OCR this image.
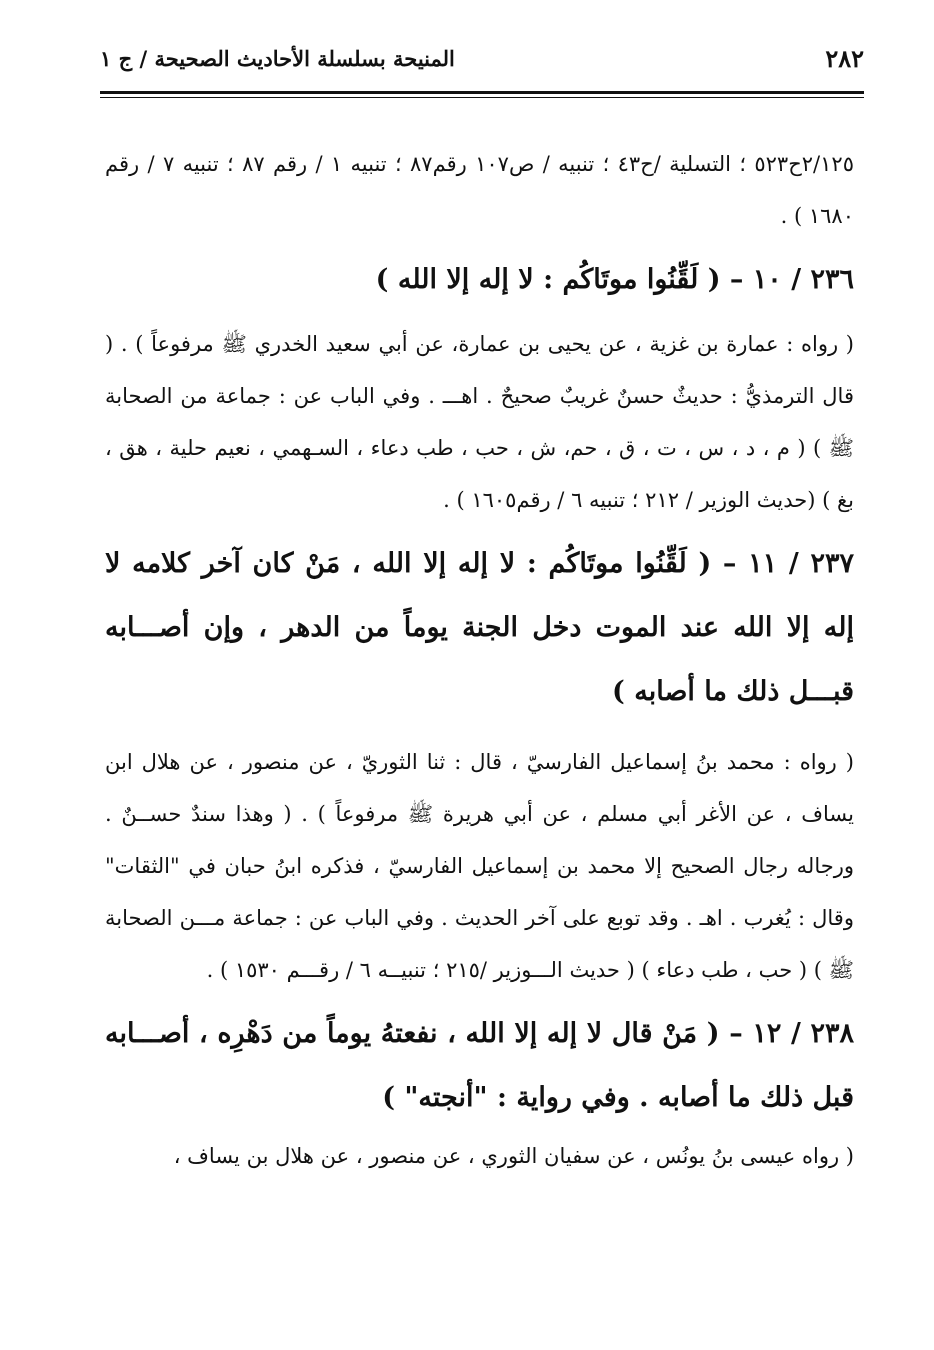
٢٨٢
المنيحة بسلسلة الأحاديث الصحيحة / ج ١

٢/١٢٥ح٥٢٣ ؛ التسلية /ح٤٣ ؛ تنبيه / ص١٠٧ رقم٨٧ ؛ تنبيه ١ / رقم ٨٧ ؛ تنبيه ٧ / رقم ١٦٨٠ ) .

٢٣٦ / ١٠ – ( لَقِّنُوا موتَاكُم : لا إله إلا الله )

( رواه : عمارة بن غزية ، عن يحيى بن عمارة، عن أبي سعيد الخدري ﷺ مرفوعاً ) . ( قال الترمذيُّ : حديثٌ حسنٌ غريبٌ صحيحٌ . اهـــ . وفي الباب عن : جماعة من الصحابة ﷺ ) ( م ، د ، س ، ت ، ق ، حم، ش ، حب ، طب دعاء ، السـهمي ، نعيم حلية ، هق ، بغ ) (حديث الوزير / ٢١٢ ؛ تنبيه ٦ / رقم١٦٠٥ ) .

٢٣٧ / ١١ – ( لَقِّنُوا موتَاكُم : لا إله إلا الله ، مَنْ كان آخر كلامه لا إله إلا الله عند الموت دخل الجنة يوماً من الدهر ، وإن أصـــابه قبـــل ذلك ما أصابه )

( رواه : محمد بنُ إسماعيل الفارسيّ ، قال : ثنا الثوريّ ، عن منصور ، عن هلال ابن يساف ، عن الأغر أبي مسلم ، عن أبي هريرة ﷺ مرفوعاً ) . ( وهذا سندٌ حســنٌ . ورجاله رجال الصحيح إلا محمد بن إسماعيل الفارسيّ ، فذكره ابنُ حبان في "الثقات" وقال : يُغرب . اهـ . وقد توبع على آخر الحديث . وفي الباب عن : جماعة مـــن الصحابة ﷺ ) ( حب ، طب دعاء ) ( حديث الـــوزير /٢١٥ ؛ تنبيــه ٦ / رقـــم ١٥٣٠ ) .

٢٣٨ / ١٢ – ( مَنْ قال لا إله إلا الله ، نفعتهُ يوماً من دَهْرِه ، أصـــابه قبل ذلك ما أصابه . وفي رواية : "أنجته" )

( رواه عيسى بنُ يونُس ، عن سفيان الثوري ، عن منصور ، عن هلال بن يساف ،
